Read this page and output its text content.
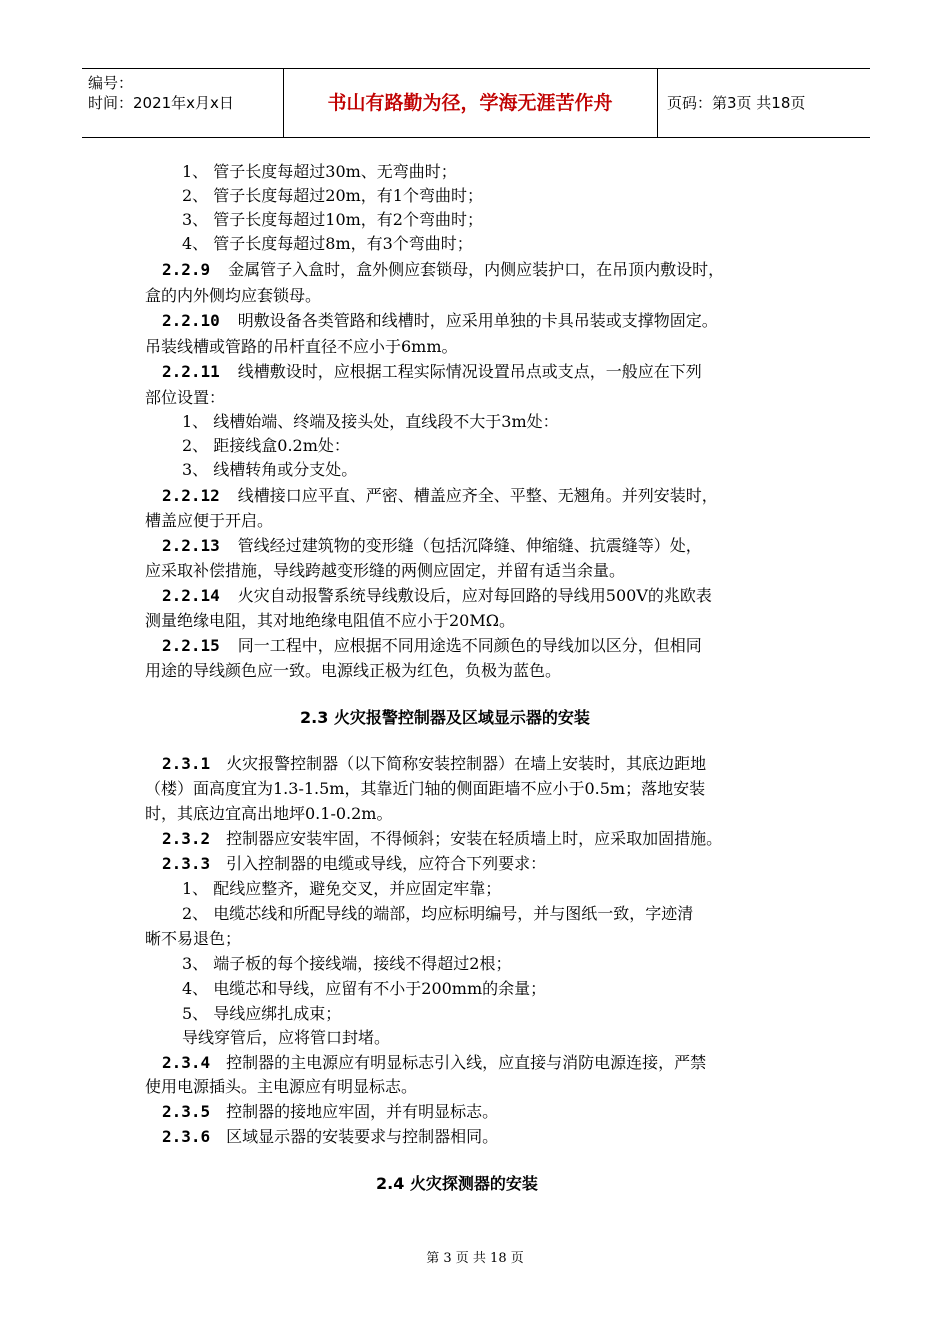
编号：
时间：2021年x月x日	书山有路勤为径，学海无涯苦作舟	页码：第3页 共18页
1、 管子长度每超过30m、无弯曲时；
2、 管子长度每超过20m，有1个弯曲时；
3、 管子长度每超过10m，有2个弯曲时；
4、 管子长度每超过8m，有3个弯曲时；
2.2.9 金属管子入盒时，盒外侧应套锁母，内侧应装护口，在吊顶内敷设时，
盒的内外侧均应套锁母。
2.2.10 明敷设备各类管路和线槽时，应采用单独的卡具吊装或支撑物固定。
吊装线槽或管路的吊杆直径不应小于6mm。
2.2.11 线槽敷设时，应根据工程实际情况设置吊点或支点，一般应在下列
部位设置：
1、 线槽始端、终端及接头处，直线段不大于3m处：
2、 距接线盒0.2m处：
3、 线槽转角或分支处。
2.2.12 线槽接口应平直、严密、槽盖应齐全、平整、无翘角。并列安装时，
槽盖应便于开启。
2.2.13 管线经过建筑物的变形缝（包括沉降缝、伸缩缝、抗震缝等）处，
应采取补偿措施，导线跨越变形缝的两侧应固定，并留有适当余量。
2.2.14 火灾自动报警系统导线敷设后，应对每回路的导线用500V的兆欧表
测量绝缘电阻，其对地绝缘电阻值不应小于20MΩ。
2.2.15 同一工程中，应根据不同用途选不同颜色的导线加以区分，但相同
用途的导线颜色应一致。电源线正极为红色，负极为蓝色。
2.3 火灾报警控制器及区域显示器的安装
2.3.1 火灾报警控制器（以下简称安装控制器）在墙上安装时，其底边距地
（楼）面高度宜为1.3-1.5m，其靠近门轴的侧面距墙不应小于0.5m；落地安装
时，其底边宜高出地坪0.1-0.2m。
2.3.2 控制器应安装牢固，不得倾斜；安装在轻质墙上时，应采取加固措施。
2.3.3 引入控制器的电缆或导线，应符合下列要求：
1、 配线应整齐，避免交叉，并应固定牢靠；
2、 电缆芯线和所配导线的端部，均应标明编号，并与图纸一致，字迹清
晰不易退色；
3、 端子板的每个接线端，接线不得超过2根；
4、 电缆芯和导线，应留有不小于200mm的余量；
5、 导线应绑扎成束；
导线穿管后，应将管口封堵。
2.3.4 控制器的主电源应有明显标志引入线，应直接与消防电源连接，严禁
使用电源插头。主电源应有明显标志。
2.3.5 控制器的接地应牢固，并有明显标志。
2.3.6 区域显示器的安装要求与控制器相同。
2.4 火灾探测器的安装
第 3 页 共 18 页
